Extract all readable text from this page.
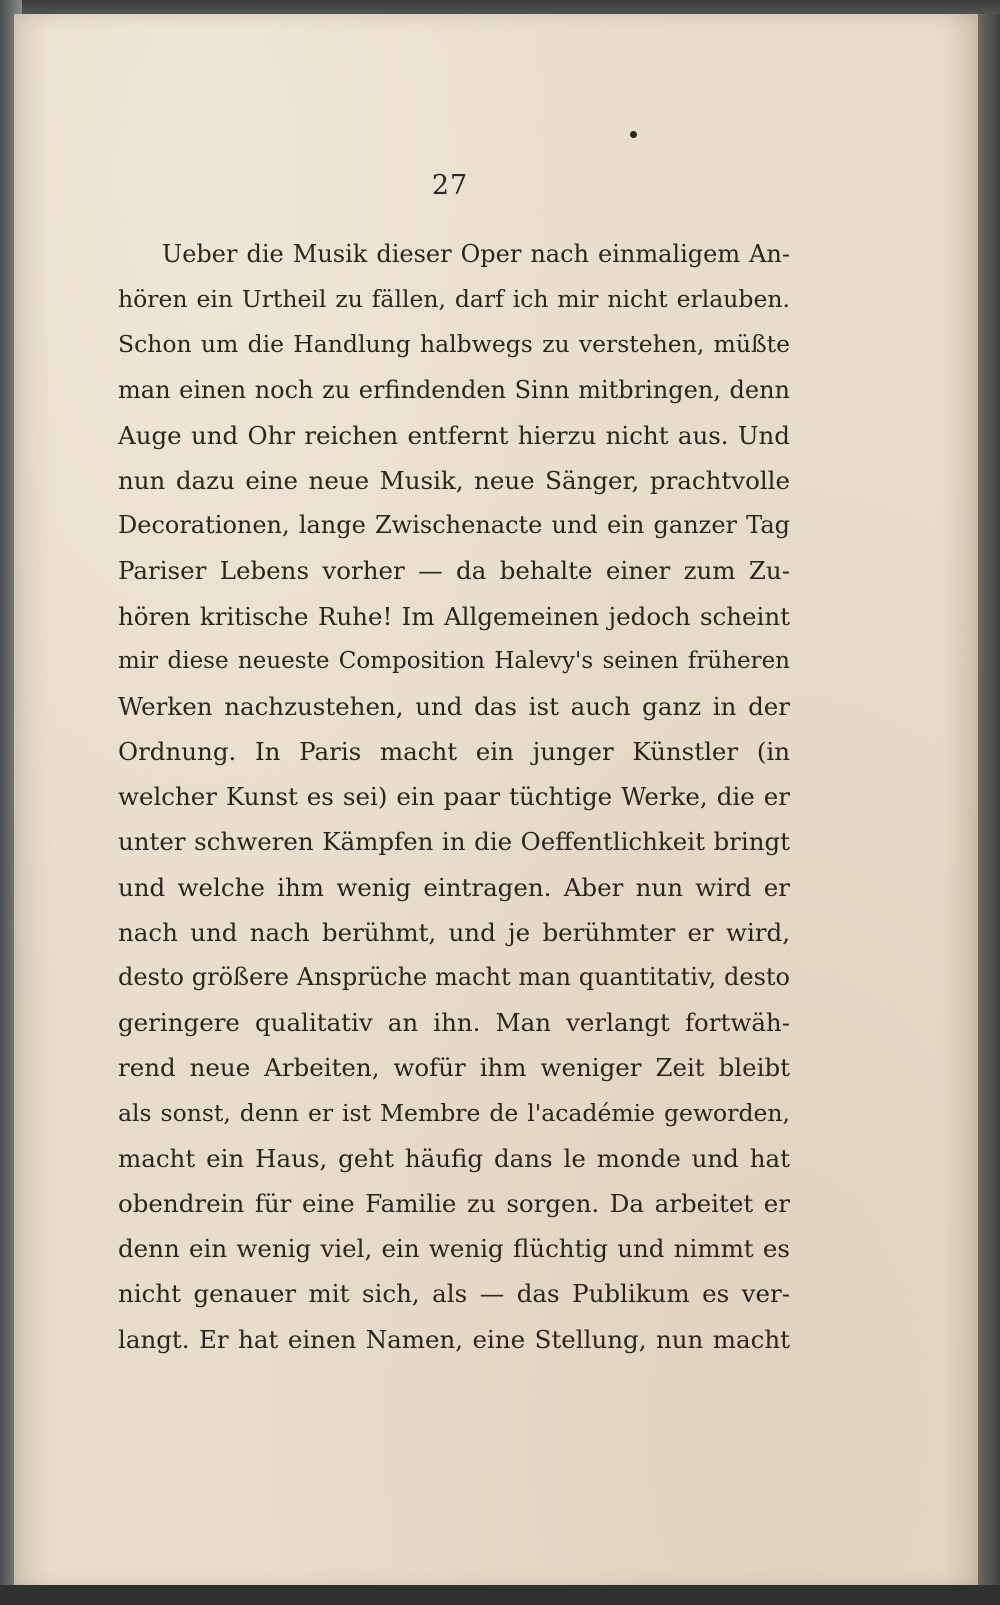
27
Ueber die Musik dieser Oper nach einmaligem An-
hören ein Urtheil zu fällen, darf ich mir nicht erlauben.
Schon um die Handlung halbwegs zu verstehen, müßte
man einen noch zu erfindenden Sinn mitbringen, denn
Auge und Ohr reichen entfernt hierzu nicht aus. Und
nun dazu eine neue Musik, neue Sänger, prachtvolle
Decorationen, lange Zwischenacte und ein ganzer Tag
Pariser Lebens vorher — da behalte einer zum Zu-
hören kritische Ruhe! Im Allgemeinen jedoch scheint
mir diese neueste Composition Halevy's seinen früheren
Werken nachzustehen, und das ist auch ganz in der
Ordnung. In Paris macht ein junger Künstler (in
welcher Kunst es sei) ein paar tüchtige Werke, die er
unter schweren Kämpfen in die Oeffentlichkeit bringt
und welche ihm wenig eintragen. Aber nun wird er
nach und nach berühmt, und je berühmter er wird,
desto größere Ansprüche macht man quantitativ, desto
geringere qualitativ an ihn. Man verlangt fortwäh-
rend neue Arbeiten, wofür ihm weniger Zeit bleibt
als sonst, denn er ist Membre de l'académie geworden,
macht ein Haus, geht häufig dans le monde und hat
obendrein für eine Familie zu sorgen. Da arbeitet er
denn ein wenig viel, ein wenig flüchtig und nimmt es
nicht genauer mit sich, als — das Publikum es ver-
langt. Er hat einen Namen, eine Stellung, nun macht
